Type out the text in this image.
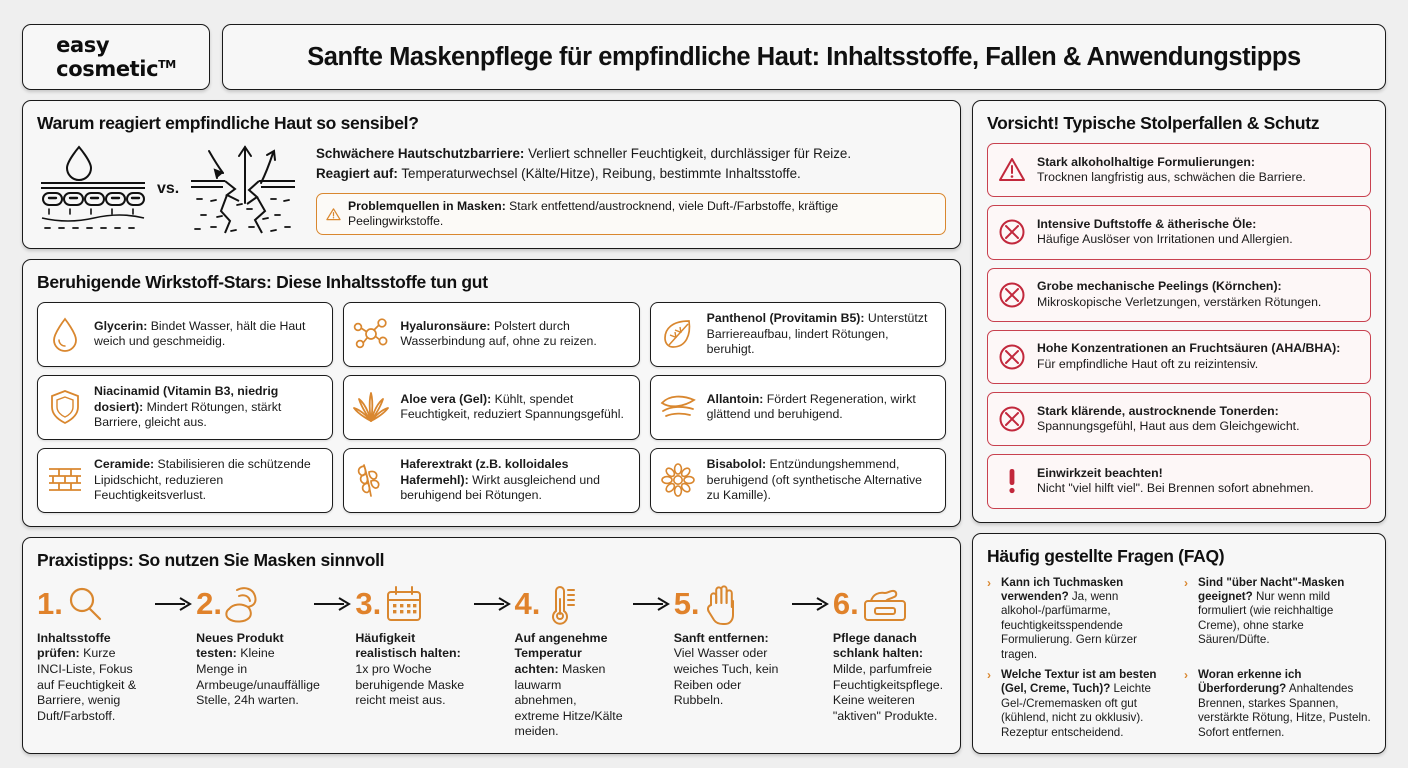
easy
cosmetic™	Sanfte Maskenpflege für empfindliche Haut: Inhaltsstoffe, Fallen & Anwendungstipps
Warum reagiert empfindliche Haut so sensibel?
vs.

Schwächere Hautschutzbarriere: Verliert schneller Feuchtigkeit, durchlässiger für Reize.

Reagiert auf: Temperaturwechsel (Kälte/Hitze), Reibung, bestimmte Inhaltsstoffe.

Problemquellen in Masken: Stark entfettend/austrocknend, viele Duft-/Farbstoffe, kräftige Peelingwirkstoffe.
Beruhigende Wirkstoff-Stars: Diese Inhaltsstoffe tun gut
Glycerin: Bindet Wasser, hält die Haut weich und geschmeidig.
Hyaluronsäure: Polstert durch Wasserbindung auf, ohne zu reizen.
Panthenol (Provitamin B5): Unterstützt Barriereaufbau, lindert Rötungen, beruhigt.
Niacinamid (Vitamin B3, niedrig dosiert): Mindert Rötungen, stärkt Barriere, gleicht aus.
Aloe vera (Gel): Kühlt, spendet Feuchtigkeit, reduziert Spannungsgefühl.
Allantoin: Fördert Regeneration, wirkt glättend und beruhigend.
Ceramide: Stabilisieren die schützende Lipidschicht, reduzieren Feuchtigkeitsverlust.
Haferextrakt (z.B. kolloidales Hafermehl): Wirkt ausgleichend und beruhigend bei Rötungen.
Bisabolol: Entzündungshemmend, beruhigend (oft synthetische Alternative zu Kamille).
Praxistipps: So nutzen Sie Masken sinnvoll
1.
Inhaltsstoffe prüfen: Kurze INCI-Liste, Fokus auf Feuchtigkeit & Barriere, wenig Duft/Farbstoff.
2.
Neues Produkt testen: Kleine Menge in Armbeuge/unauffällige Stelle, 24h warten.
3.
Häufigkeit realistisch halten: 1x pro Woche beruhigende Maske reicht meist aus.
4.
Auf angenehme Temperatur achten: Masken lauwarm abnehmen, extreme Hitze/Kälte meiden.
5.
Sanft entfernen: Viel Wasser oder weiches Tuch, kein Reiben oder Rubbeln.
6.
Pflege danach schlank halten: Milde, parfumfreie Feuchtigkeitspflege. Keine weiteren "aktiven" Produkte.
Vorsicht! Typische Stolperfallen & Schutz
Stark alkoholhaltige Formulierungen:
Trocknen langfristig aus, schwächen die Barriere.
Intensive Duftstoffe & ätherische Öle:
Häufige Auslöser von Irritationen und Allergien.
Grobe mechanische Peelings (Körnchen):
Mikroskopische Verletzungen, verstärken Rötungen.
Hohe Konzentrationen an Fruchtsäuren (AHA/BHA):
Für empfindliche Haut oft zu reizintensiv.
Stark klärende, austrocknende Tonerden:
Spannungsgefühl, Haut aus dem Gleichgewicht.
Einwirkzeit beachten!
Nicht "viel hilft viel". Bei Brennen sofort abnehmen.
Häufig gestellte Fragen (FAQ)
› Kann ich Tuchmasken verwenden? Ja, wenn alkohol-/parfümarme, feuchtigkeitsspendende Formulierung. Gern kürzer tragen.
› Sind "über Nacht"-Masken geeignet? Nur wenn mild formuliert (wie reichhaltige Creme), ohne starke Säuren/Düfte.
› Welche Textur ist am besten (Gel, Creme, Tuch)? Leichte Gel-/Crememasken oft gut (kühlend, nicht zu okklusiv). Rezeptur entscheidend.
› Woran erkenne ich Überforderung? Anhaltendes Brennen, starkes Spannen, verstärkte Rötung, Hitze, Pusteln. Sofort entfernen.
